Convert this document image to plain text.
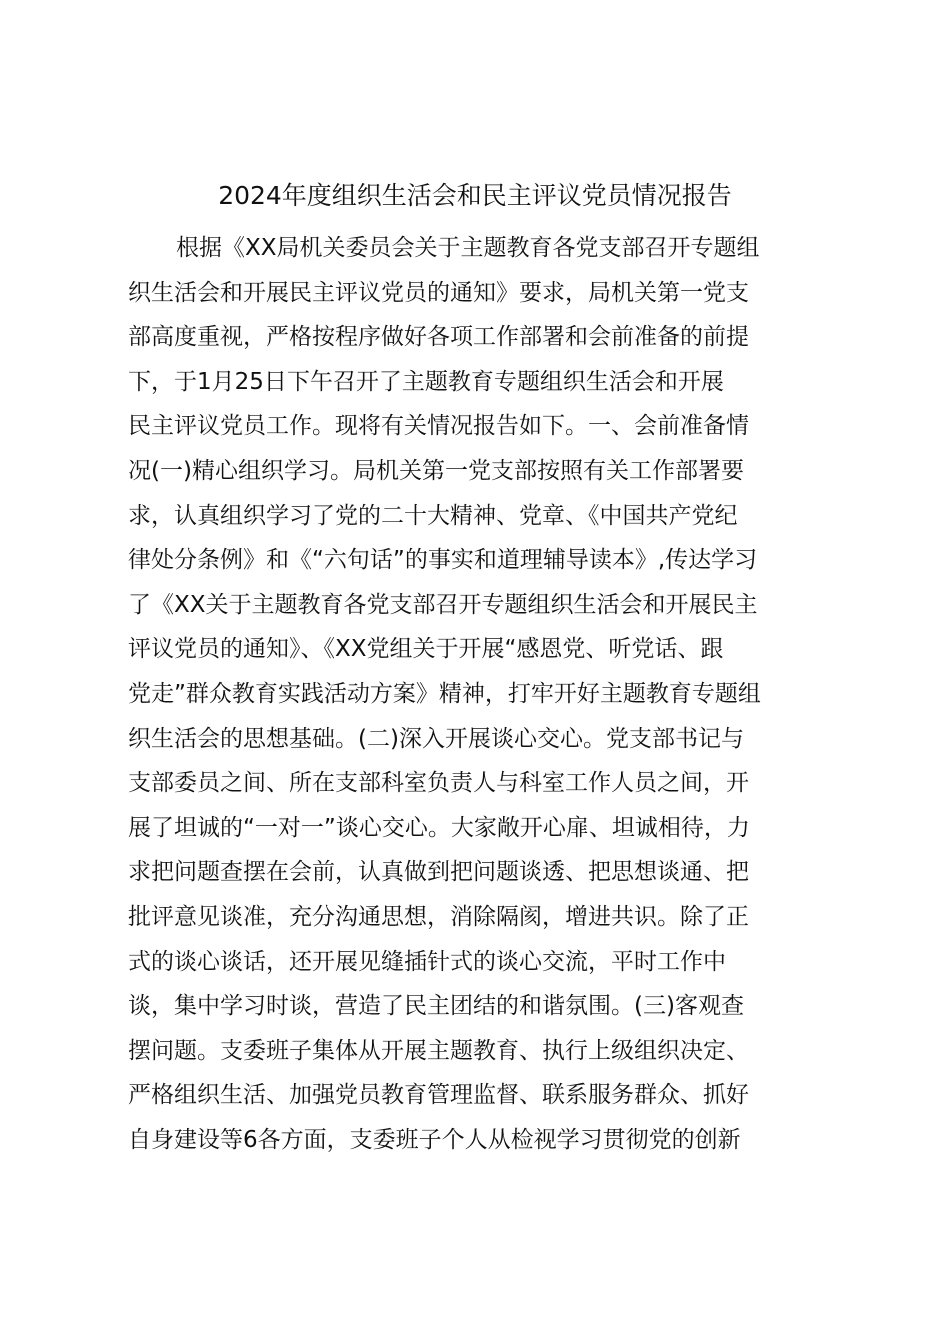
2024年度组织生活会和民主评议党员情况报告
根据《XX局机关委员会关于主题教育各党支部召开专题组
织生活会和开展民主评议党员的通知》要求，局机关第一党支
部高度重视，严格按程序做好各项工作部署和会前准备的前提
下，于1月25日下午召开了主题教育专题组织生活会和开展
民主评议党员工作。现将有关情况报告如下。一、会前准备情
况(一)精心组织学习。局机关第一党支部按照有关工作部署要
求，认真组织学习了党的二十大精神、党章、《中国共产党纪
律处分条例》和《“六句话”的事实和道理辅导读本》,传达学习
了《XX关于主题教育各党支部召开专题组织生活会和开展民主
评议党员的通知》、《XX党组关于开展“感恩党、听党话、跟
党走”群众教育实践活动方案》精神，打牢开好主题教育专题组
织生活会的思想基础。(二)深入开展谈心交心。党支部书记与
支部委员之间、所在支部科室负责人与科室工作人员之间，开
展了坦诚的“一对一”谈心交心。大家敞开心扉、坦诚相待，力
求把问题查摆在会前，认真做到把问题谈透、把思想谈通、把
批评意见谈准，充分沟通思想，消除隔阂，增进共识。除了正
式的谈心谈话，还开展见缝插针式的谈心交流，平时工作中
谈，集中学习时谈，营造了民主团结的和谐氛围。(三)客观查
摆问题。支委班子集体从开展主题教育、执行上级组织决定、
严格组织生活、加强党员教育管理监督、联系服务群众、抓好
自身建设等6各方面，支委班子个人从检视学习贯彻党的创新
